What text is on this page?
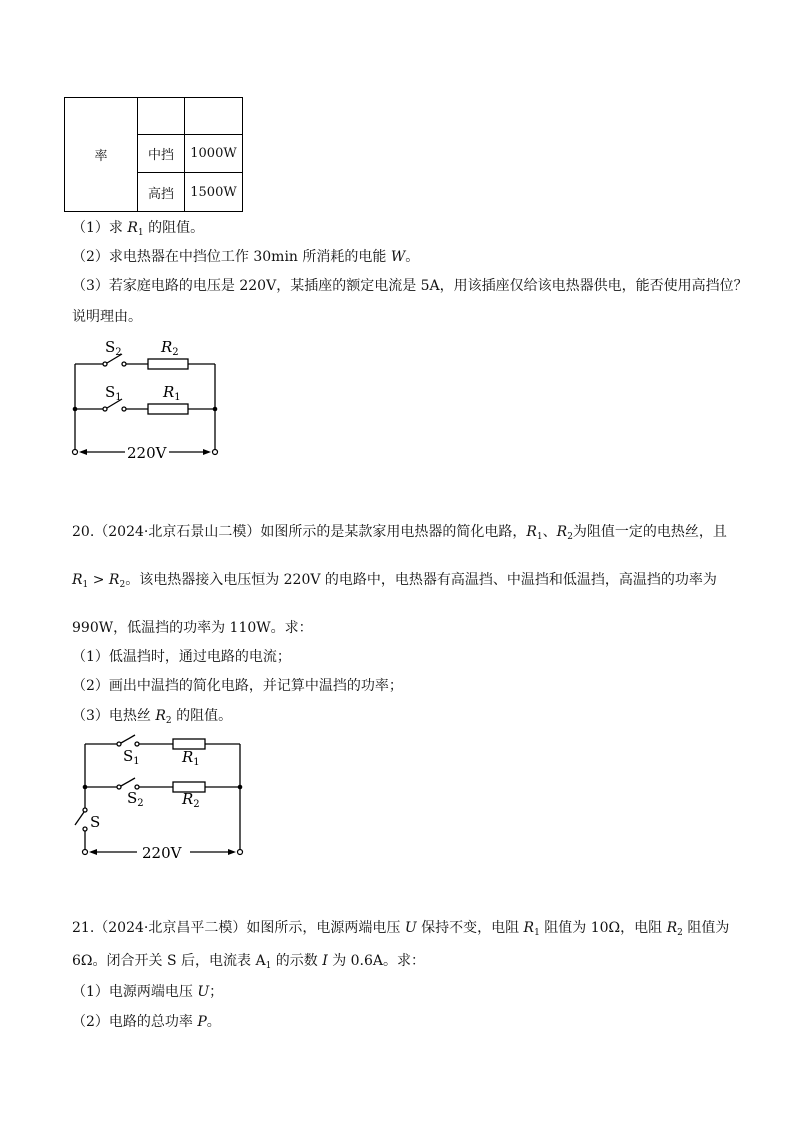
率		
	中挡	1000W
	高挡	1500W
（1）求 $R_1$ 的阻值。
（2）求电热器在中挡位工作 30min 所消耗的电能 W。
（3）若家庭电路的电压是 220V，某插座的额定电流是 5A，用该插座仅给该电热器供电，能否使用高挡位？
说明理由。
$S_2$	$R_2$
$S_1$	$R_1$
220V
20.（2024·北京石景山二模）如图所示的是某款家用电热器的简化电路，$R_1$、$R_2$为阻值一定的电热丝，且
$R_1 > R_2$。该电热器接入电压恒为 220V 的电路中，电热器有高温挡、中温挡和低温挡，高温挡的功率为
990W，低温挡的功率为 110W。求：
（1）低温挡时，通过电路的电流；
（2）画出中温挡的简化电路，并记算中温挡的功率；
（3）电热丝 $R_2$ 的阻值。
$S_1$	$R_1$
$S_2$	$R_2$
S
220V
21.（2024·北京昌平二模）如图所示，电源两端电压 U 保持不变，电阻 $R_1$ 阻值为 10Ω，电阻 $R_2$ 阻值为
6Ω。闭合开关 S 后，电流表 $A_1$ 的示数 I 为 0.6A。求：
（1）电源两端电压 U；
（2）电路的总功率 P。
